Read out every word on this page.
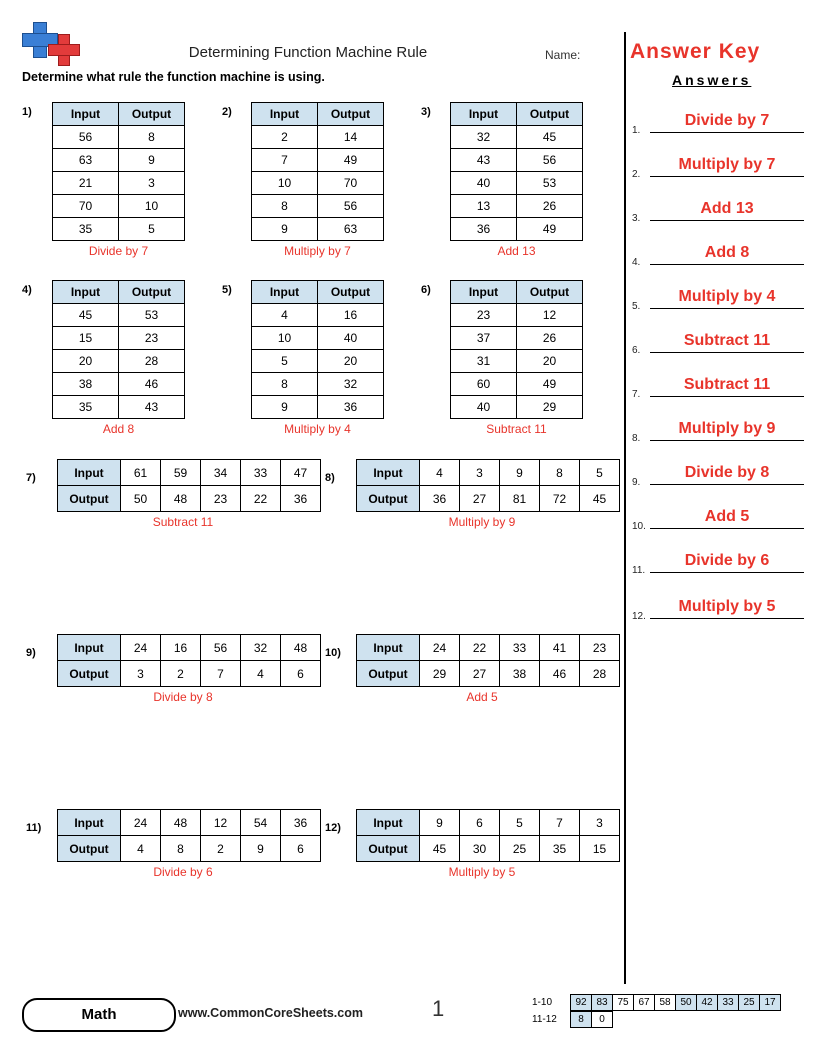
Determining Function Machine Rule	Name: Answer Key
Determine what rule the function machine is using.	Answers
1.
Divide by 7
2.
Multiply by 7
3.
Add 13
4.
Add 8
5.
Multiply by 4
6.
Subtract 11
7.
Subtract 11
8.
Multiply by 9
9.
Divide by 8
10.
Add 5
11.
Divide by 6
12.
Multiply by 5
1)	Input	Output
56	8
63	9
21	3
70	10
35	5
Divide by 7
2)	Input	Output
2	14
7	49
10	70
8	56
9	63
Multiply by 7
3)	Input	Output
32	45
43	56
40	53
13	26
36	49
Add 13
4)	Input	Output
45	53
15	23
20	28
38	46
35	43
Add 8
5)	Input	Output
4	16
10	40
5	20
8	32
9	36
Multiply by 4
6)	Input	Output
23	12
37	26
31	20
60	49
40	29
Subtract 11
7)	Input	61	59	34	33	47
Output	50	48	23	22	36
Subtract 11
8)	Input	4	3	9	8	5
Output	36	27	81	72	45
Multiply by 9
9)	Input	24	16	56	32	48
Output	3	2	7	4	6
Divide by 8
10)	Input	24	22	33	41	23
Output	29	27	38	46	28
Add 5
11)	Input	24	48	12	54	36
Output	4	8	2	9	6
Divide by 6
12)	Input	9	6	5	7	3
Output	45	30	25	35	15
Multiply by 5
Math	www.CommonCoreSheets.com	1	1-10	92 83 75 67 58 50 42 33 25 17
11-12	8	0
